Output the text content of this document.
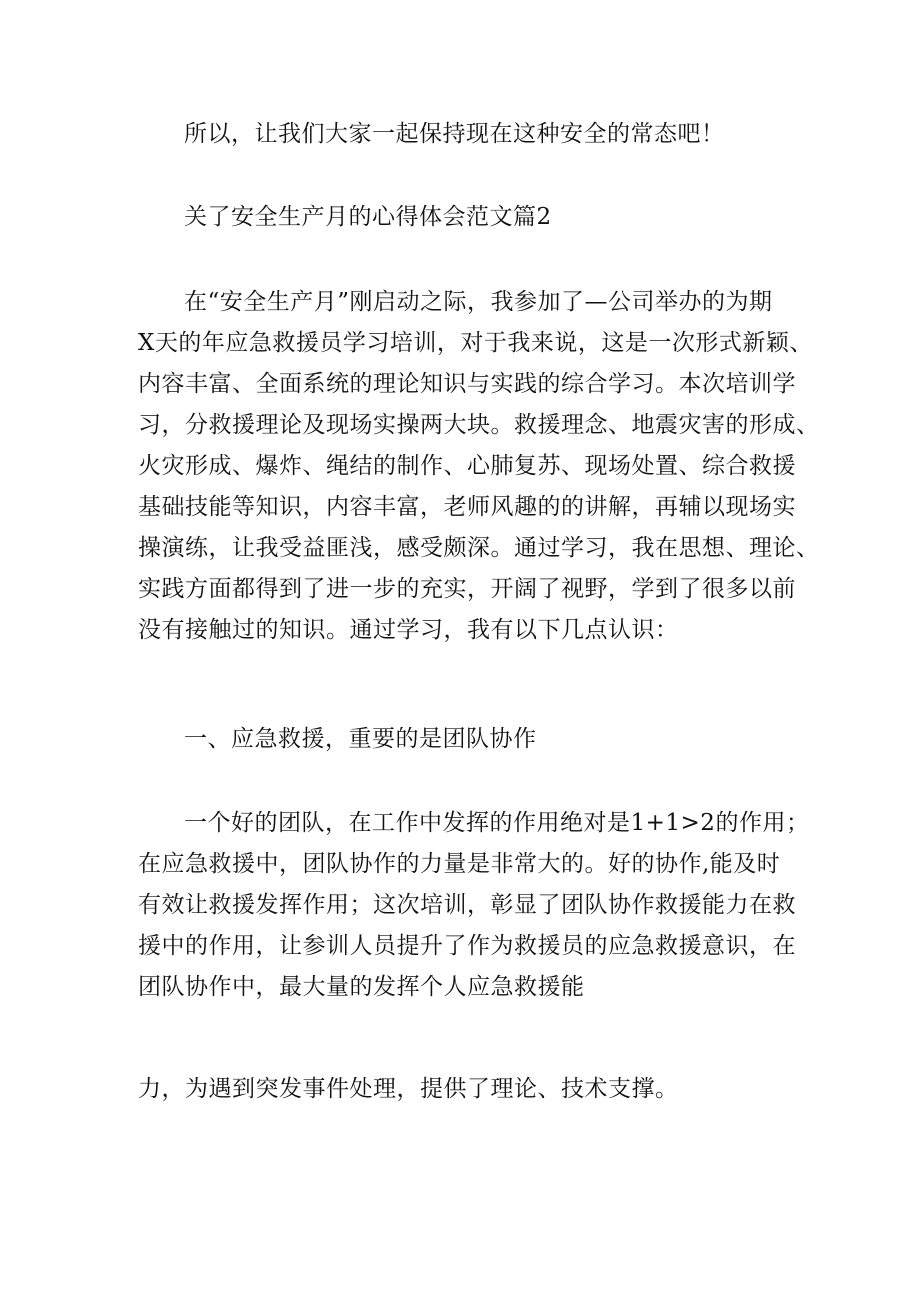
所以，让我们大家一起保持现在这种安全的常态吧！

关了安全生产月的心得体会范文篇2

在“安全生产月”刚启动之际，我参加了—公司举办的为期
X天的年应急救援员学习培训，对于我来说，这是一次形式新颖、
内容丰富、全面系统的理论知识与实践的综合学习。本次培训学
习，分救援理论及现场实操两大块。救援理念、地震灾害的形成、
火灾形成、爆炸、绳结的制作、心肺复苏、现场处置、综合救援
基础技能等知识，内容丰富，老师风趣的的讲解，再辅以现场实
操演练，让我受益匪浅，感受颇深。通过学习，我在思想、理论、
实践方面都得到了进一步的充实，开阔了视野，学到了很多以前
没有接触过的知识。通过学习，我有以下几点认识：

一、应急救援，重要的是团队协作

一个好的团队，在工作中发挥的作用绝对是1+1>2的作用；
在应急救援中，团队协作的力量是非常大的。好的协作,能及时
有效让救援发挥作用；这次培训，彰显了团队协作救援能力在救
援中的作用，让参训人员提升了作为救援员的应急救援意识，在
团队协作中，最大量的发挥个人应急救援能

力，为遇到突发事件处理，提供了理论、技术支撑。
